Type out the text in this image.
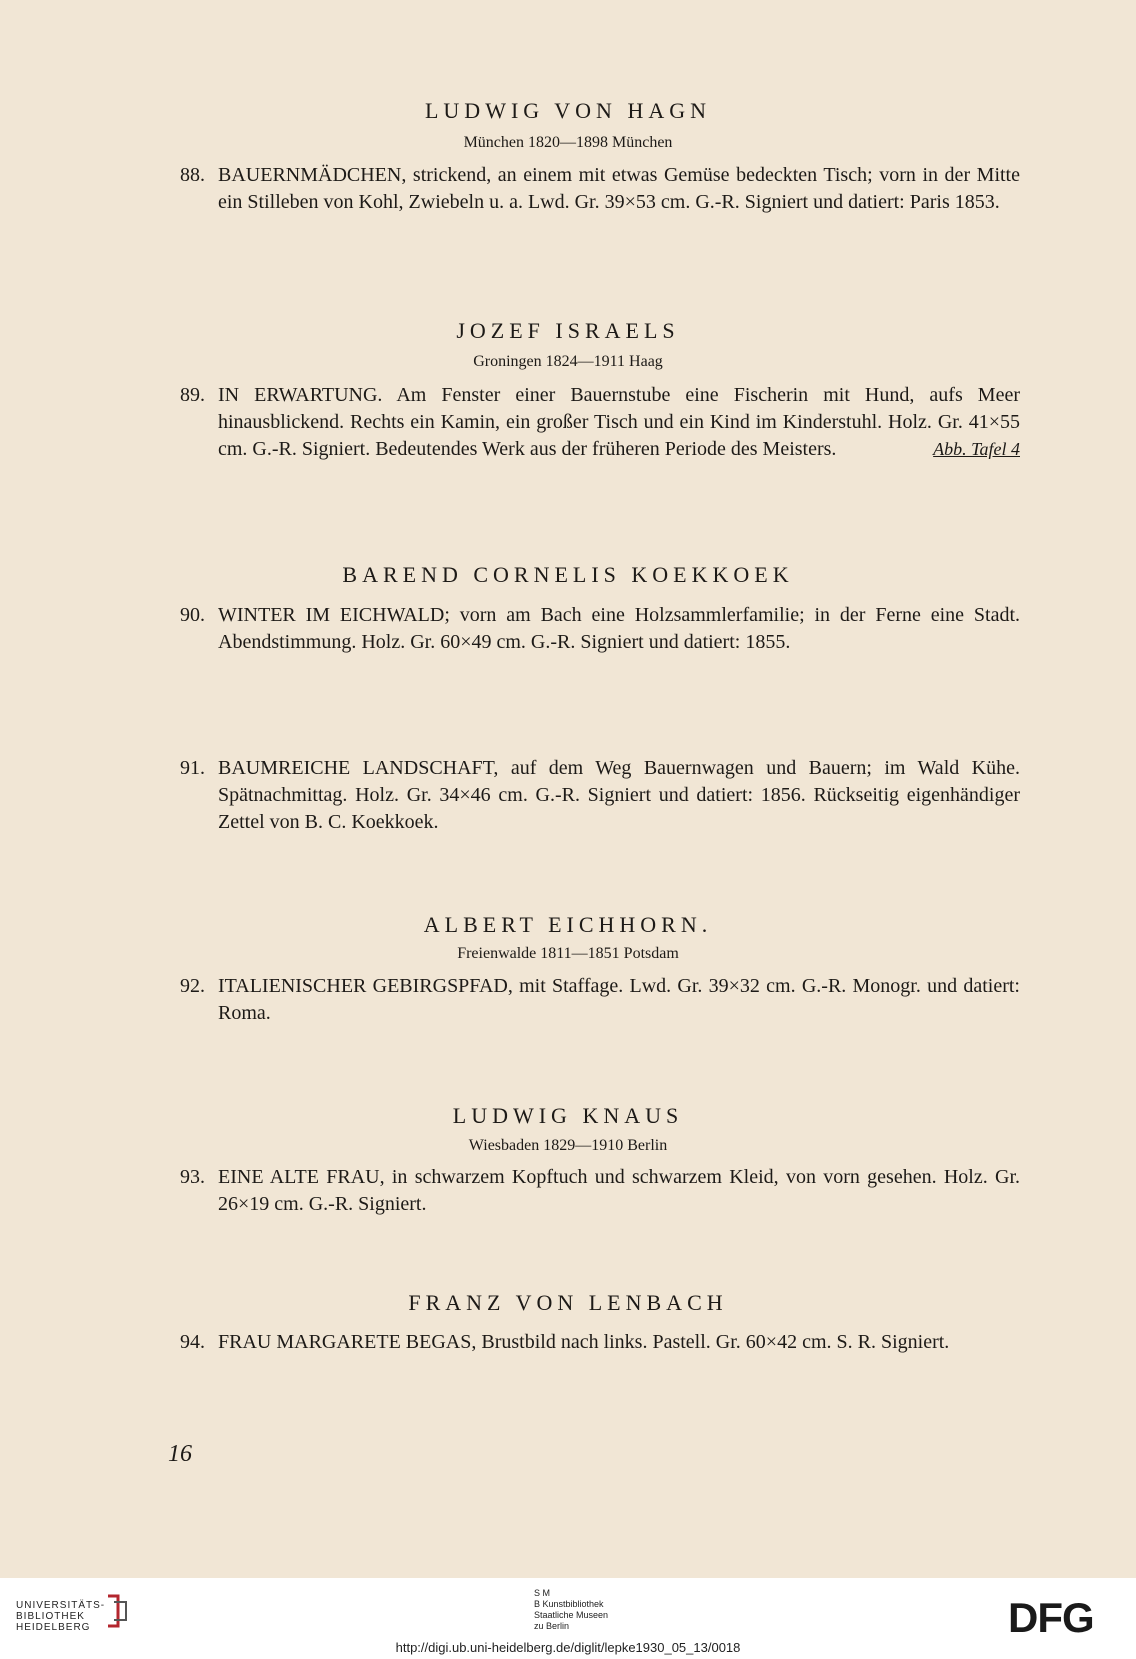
LUDWIG VON HAGN
München 1820—1898 München
88. BAUERNMÄDCHEN, strickend, an einem mit etwas Gemüse bedeckten Tisch; vorn in der Mitte ein Stilleben von Kohl, Zwiebeln u. a. Lwd. Gr. 39×53 cm. G.-R. Signiert und datiert: Paris 1853.
JOZEF ISRAELS
Groningen 1824—1911 Haag
89. IN ERWARTUNG. Am Fenster einer Bauernstube eine Fischerin mit Hund, aufs Meer hinausblickend. Rechts ein Kamin, ein großer Tisch und ein Kind im Kinderstuhl. Holz. Gr. 41×55 cm. G.-R. Signiert. Bedeutendes Werk aus der früheren Periode des Meisters.	Abb. Tafel 4
BAREND CORNELIS KOEKKOEK
90. WINTER IM EICHWALD; vorn am Bach eine Holzsammlerfamilie; in der Ferne eine Stadt. Abendstimmung. Holz. Gr. 60×49 cm. G.-R. Signiert und datiert: 1855.
91. BAUMREICHE LANDSCHAFT, auf dem Weg Bauernwagen und Bauern; im Wald Kühe. Spätnachmittag. Holz. Gr. 34×46 cm. G.-R. Signiert und datiert: 1856. Rückseitig eigenhändiger Zettel von B. C. Koekkoek.
ALBERT EICHHORN.
Freienwalde 1811—1851 Potsdam
92. ITALIENISCHER GEBIRGSPFAD, mit Staffage. Lwd. Gr. 39×32 cm. G.-R. Monogr. und datiert: Roma.
LUDWIG KNAUS
Wiesbaden 1829—1910 Berlin
93. EINE ALTE FRAU, in schwarzem Kopftuch und schwarzem Kleid, von vorn gesehen. Holz. Gr. 26×19 cm. G.-R. Signiert.
FRANZ VON LENBACH
94. FRAU MARGARETE BEGAS, Brustbild nach links. Pastell. Gr. 60×42 cm. S. R. Signiert.
16
UNIVERSITÄTS-
BIBLIOTHEK
HEIDELBERG
S M
B Kunstbibliothek
Staatliche Museen
zu Berlin	DFG
http://digi.ub.uni-heidelberg.de/diglit/lepke1930_05_13/0018
